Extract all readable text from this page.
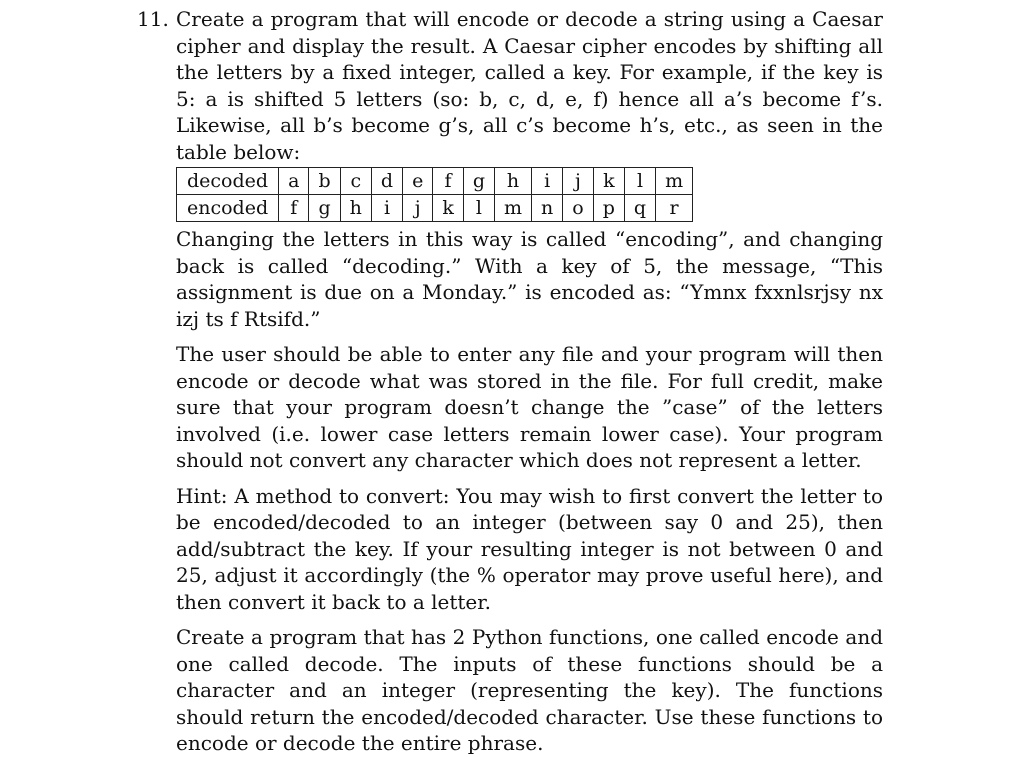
11. Create a program that will encode or decode a string using a Caesar cipher and display the result. A Caesar cipher encodes by shifting all the letters by a fixed integer, called a key. For example, if the key is 5: a is shifted 5 letters (so: b, c, d, e, f) hence all a’s become f’s. Likewise, all b’s become g’s, all c’s become h’s, etc., as seen in the table below:

decoded	a	b	c	d	e	f	g	h	i	j	k	l	m
encoded	f	g	h	i	j	k	l	m	n	o	p	q	r

Changing the letters in this way is called “encoding”, and changing back is called “decoding.” With a key of 5, the message, “This assignment is due on a Monday.” is encoded as: “Ymnx fxxnlsrjsy nx izj ts f Rtsifd.”

The user should be able to enter any file and your program will then encode or decode what was stored in the file. For full credit, make sure that your program doesn’t change the ”case” of the letters involved (i.e. lower case letters remain lower case). Your program should not convert any character which does not represent a letter.

Hint: A method to convert: You may wish to first convert the letter to be encoded/decoded to an integer (between say 0 and 25), then add/subtract the key. If your resulting integer is not between 0 and 25, adjust it accordingly (the % operator may prove useful here), and then convert it back to a letter.

Create a program that has 2 Python functions, one called encode and one called decode. The inputs of these functions should be a character and an integer (representing the key). The functions should return the encoded/decoded character. Use these functions to encode or decode the entire phrase.
